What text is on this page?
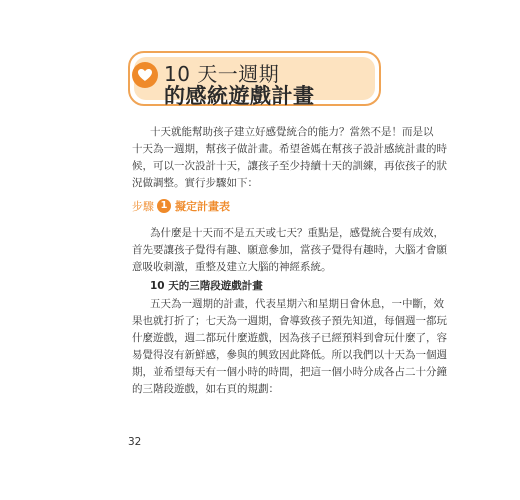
10 天一週期
的感統遊戲計畫

十天就能幫助孩子建立好感覺統合的能力？當然不是！而是以
十天為一週期，幫孩子做計畫。希望爸媽在幫孩子設計感統計畫的時
候，可以一次設計十天，讓孩子至少持續十天的訓練，再依孩子的狀
況做調整。實行步驟如下：

步驟 1 擬定計畫表

為什麼是十天而不是五天或七天？重點是，感覺統合要有成效，
首先要讓孩子覺得有趣、願意參加，當孩子覺得有趣時，大腦才會願
意吸收刺激，重整及建立大腦的神經系統。

10 天的三階段遊戲計畫

五天為一週期的計畫，代表星期六和星期日會休息，一中斷，效
果也就打折了；七天為一週期，會導致孩子預先知道，每個週一都玩
什麼遊戲，週二都玩什麼遊戲，因為孩子已經預料到會玩什麼了，容
易覺得沒有新鮮感，參與的興致因此降低。所以我們以十天為一個週
期，並希望每天有一個小時的時間，把這一個小時分成各占二十分鐘
的三階段遊戲，如右頁的規劃：

32
